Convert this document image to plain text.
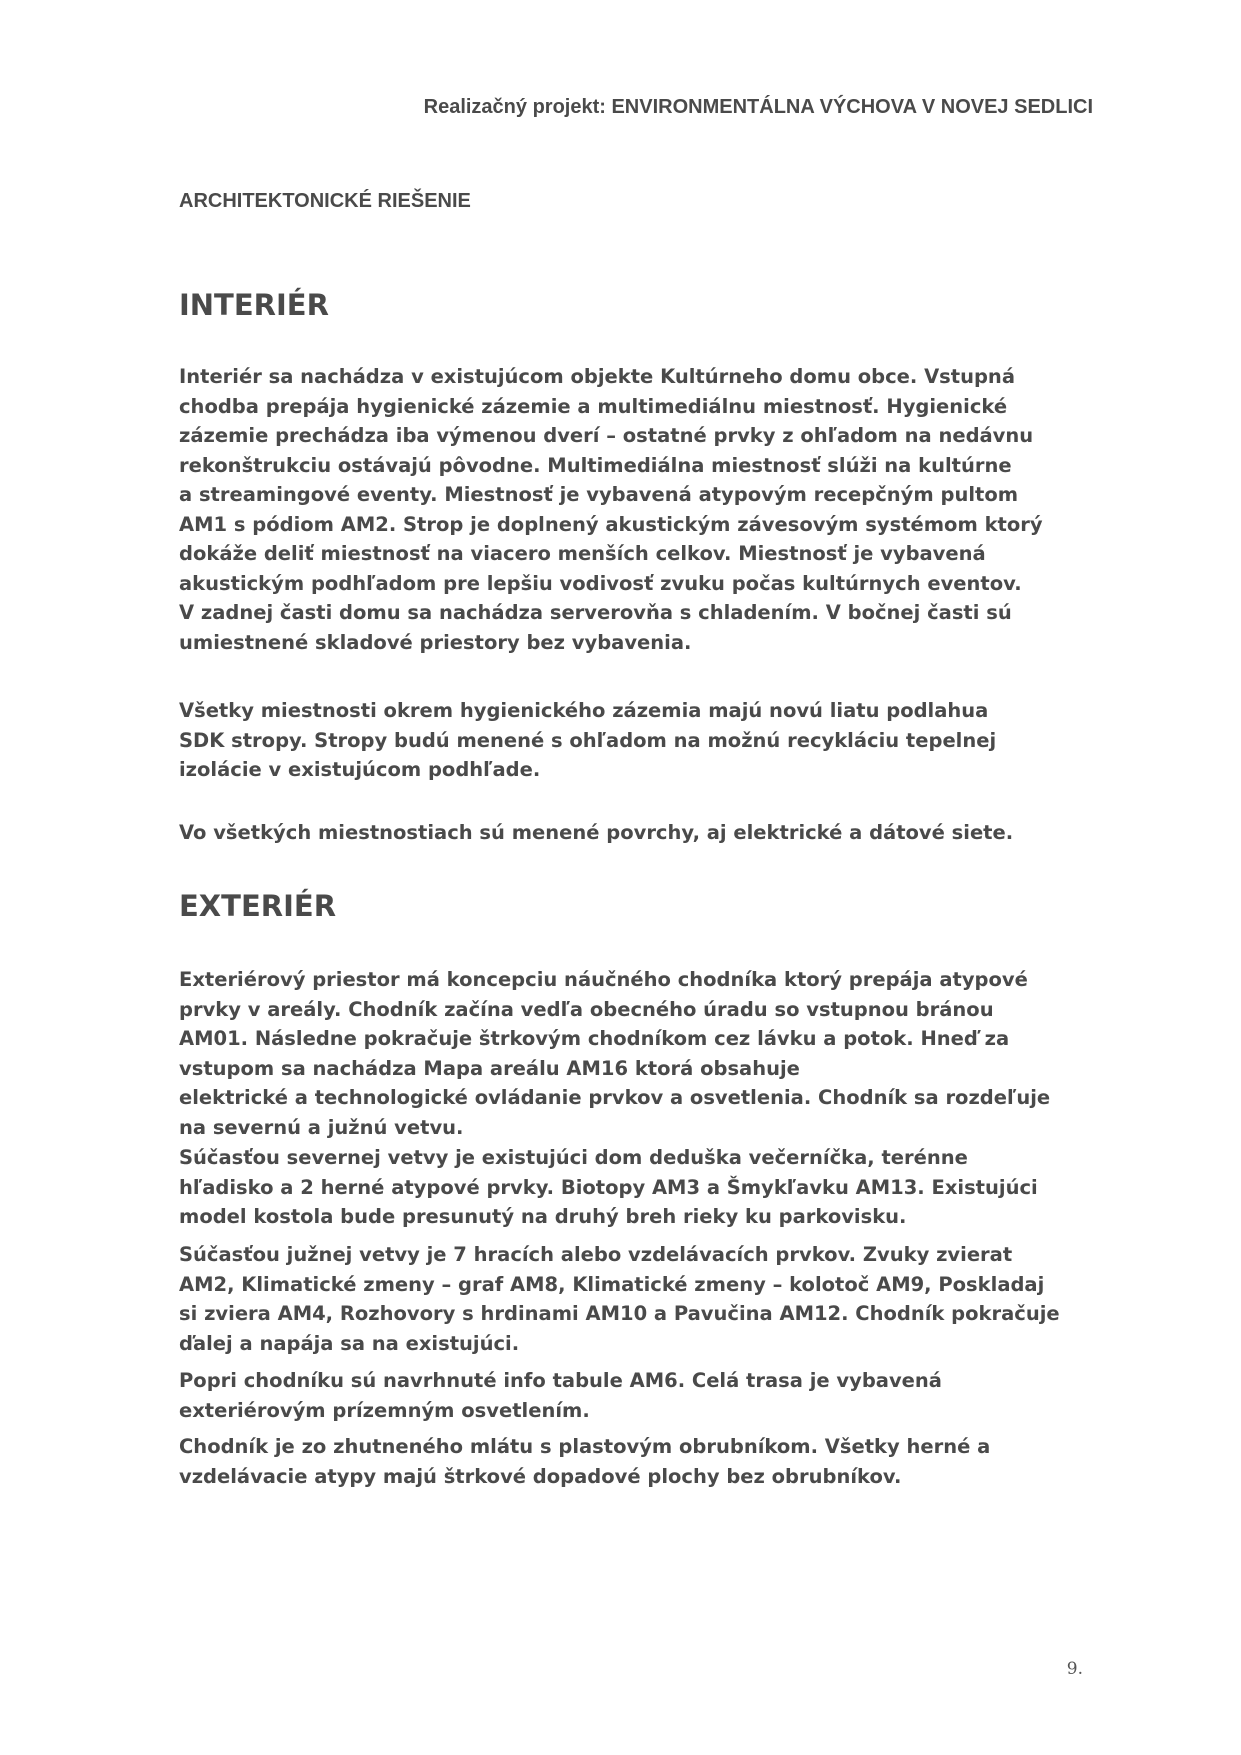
Realizačný projekt: ENVIRONMENTÁLNA VÝCHOVA V NOVEJ SEDLICI
ARCHITEKTONICKÉ RIEŠENIE
INTERIÉR
Interiér sa nachádza v existujúcom objekte Kultúrneho domu obce. Vstupná
chodba prepája hygienické zázemie a multimediálnu miestnosť. Hygienické
zázemie prechádza iba výmenou dverí – ostatné prvky z ohľadom na nedávnu
rekonštrukciu ostávajú pôvodne. Multimediálna miestnosť slúži na kultúrne
a streamingové eventy. Miestnosť je vybavená atypovým recepčným pultom
AM1 s pódiom AM2. Strop je doplnený akustickým závesovým systémom ktorý
dokáže deliť miestnosť na viacero menších celkov. Miestnosť je vybavená
akustickým podhľadom pre lepšiu vodivosť zvuku počas kultúrnych eventov.
V zadnej časti domu sa nachádza serverovňa s chladením. V bočnej časti sú
umiestnené skladové priestory bez vybavenia.
Všetky miestnosti okrem hygienického zázemia majú novú liatu podlahua
SDK stropy. Stropy budú menené s ohľadom na možnú recykláciu tepelnej
izolácie v existujúcom podhľade.
Vo všetkých miestnostiach sú menené povrchy, aj elektrické a dátové siete.
EXTERIÉR
Exteriérový priestor má koncepciu náučného chodníka ktorý prepája atypové
prvky v areály. Chodník začína vedľa obecného úradu so vstupnou bránou
AM01. Následne pokračuje štrkovým chodníkom cez lávku a potok. Hneď za
vstupom sa nachádza Mapa areálu AM16 ktorá obsahuje
elektrické a technologické ovládanie prvkov a osvetlenia. Chodník sa rozdeľuje
na severnú a južnú vetvu.
Súčasťou severnej vetvy je existujúci dom deduška večerníčka, terénne
hľadisko a 2 herné atypové prvky. Biotopy AM3 a Šmykľavku AM13. Existujúci
model kostola bude presunutý na druhý breh rieky ku parkovisku.
Súčasťou južnej vetvy je 7 hracích alebo vzdelávacích prvkov. Zvuky zvierat
AM2, Klimatické zmeny – graf AM8, Klimatické zmeny – kolotoč AM9, Poskladaj
si zviera AM4, Rozhovory s hrdinami AM10 a Pavučina AM12. Chodník pokračuje
ďalej a napája sa na existujúci.
Popri chodníku sú navrhnuté info tabule AM6. Celá trasa je vybavená
exteriérovým prízemným osvetlením.
Chodník je zo zhutneného mlátu s plastovým obrubníkom. Všetky herné a
vzdelávacie atypy majú štrkové dopadové plochy bez obrubníkov.
9.
